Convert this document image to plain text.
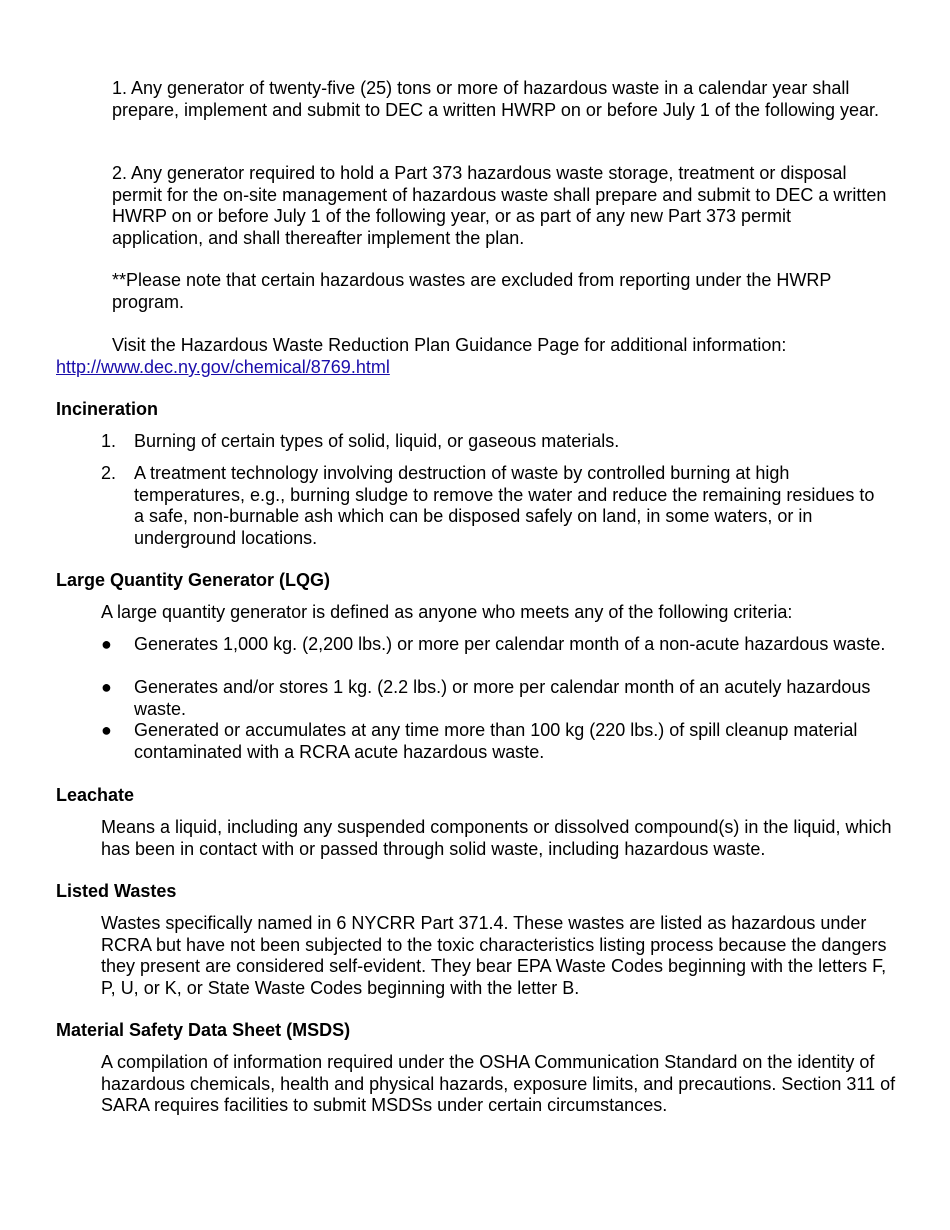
1. Any generator of twenty-five (25) tons or more of hazardous waste in a calendar year shall prepare, implement and submit to DEC a written HWRP on or before July 1 of the following year.

2. Any generator required to hold a Part 373 hazardous waste storage, treatment or disposal permit for the on-site management of hazardous waste shall prepare and submit to DEC a written HWRP on or before July 1 of the following year, or as part of any new Part 373 permit application, and shall thereafter implement the plan.

**Please note that certain hazardous wastes are excluded from reporting under the HWRP program.

Visit the Hazardous Waste Reduction Plan Guidance Page for additional information:

http://www.dec.ny.gov/chemical/8769.html
Incineration
1. Burning of certain types of solid, liquid, or gaseous materials.
2. A treatment technology involving destruction of waste by controlled burning at high temperatures, e.g., burning sludge to remove the water and reduce the remaining residues to a safe, non-burnable ash which can be disposed safely on land, in some waters, or in underground locations.
Large Quantity Generator (LQG)

A large quantity generator is defined as anyone who meets any of the following criteria:

● Generates 1,000 kg. (2,200 lbs.) or more per calendar month of a non-acute hazardous waste.
● Generates and/or stores 1 kg. (2.2 lbs.) or more per calendar month of an acutely hazardous waste.
● Generated or accumulates at any time more than 100 kg (220 lbs.) of spill cleanup material contaminated with a RCRA acute hazardous waste.
Leachate

Means a liquid, including any suspended components or dissolved compound(s) in the liquid, which has been in contact with or passed through solid waste, including hazardous waste.

Listed Wastes

Wastes specifically named in 6 NYCRR Part 371.4. These wastes are listed as hazardous under RCRA but have not been subjected to the toxic characteristics listing process because the dangers they present are considered self-evident. They bear EPA Waste Codes beginning with the letters F, P, U, or K, or State Waste Codes beginning with the letter B.

Material Safety Data Sheet (MSDS)

A compilation of information required under the OSHA Communication Standard on the identity of hazardous chemicals, health and physical hazards, exposure limits, and precautions. Section 311 of SARA requires facilities to submit MSDSs under certain circumstances.
